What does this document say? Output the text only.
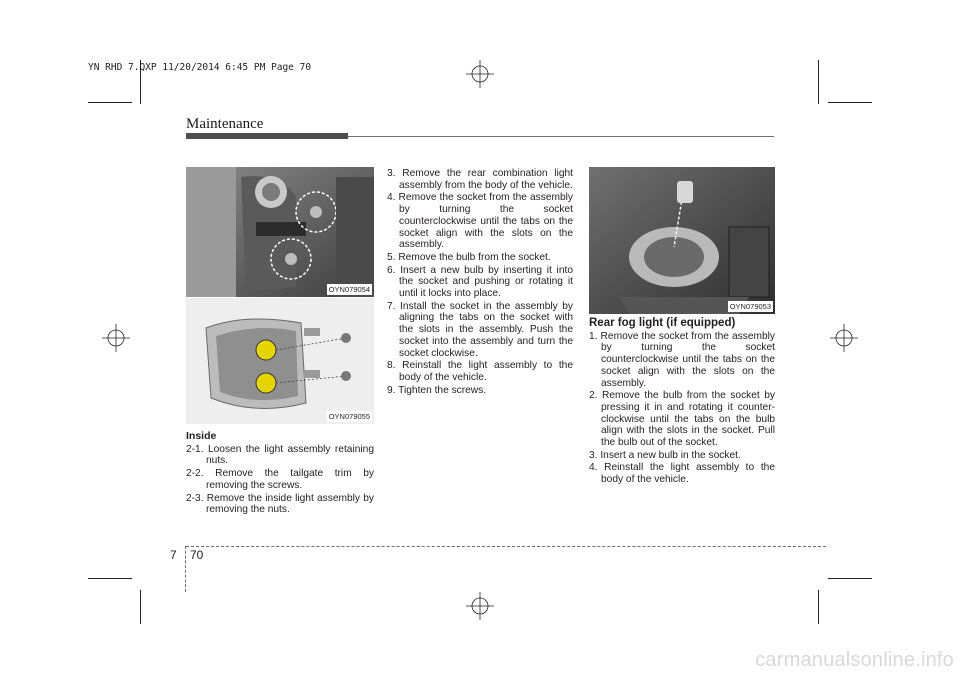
YN RHD 7.QXP 11/20/2014 6:45 PM Page 70
Maintenance
OYN079054
OYN079055
OYN079053

Inside

2-1. Loosen the light assembly retaining nuts.

2-2. Remove the tailgate trim by removing the screws.

2-3. Remove the inside light assembly by removing the nuts.

3. Remove the rear combination light assembly from the body of the vehicle.

4. Remove the socket from the assembly by turning the socket counterclockwise until the tabs on the socket align with the slots on the assembly.

5. Remove the bulb from the socket.

6. Insert a new bulb by inserting it into the socket and pushing or rotating it until it locks into place.

7. Install the socket in the assembly by aligning the tabs on the socket with the slots in the assembly. Push the socket into the assembly and turn the socket clockwise.

8. Reinstall the light assembly to the body of the vehicle.

9. Tighten the screws.

Rear fog light (if equipped)

1. Remove the socket from the assembly by turning the socket counterclockwise until the tabs on the socket align with the slots on the assembly.

2. Remove the bulb from the socket by pressing it in and rotating it counter-clockwise until the tabs on the bulb align with the slots in the socket. Pull the bulb out of the socket.

3. Insert a new bulb in the socket.

4. Reinstall the light assembly to the body of the vehicle.

7 70
carmanualsonline.info
